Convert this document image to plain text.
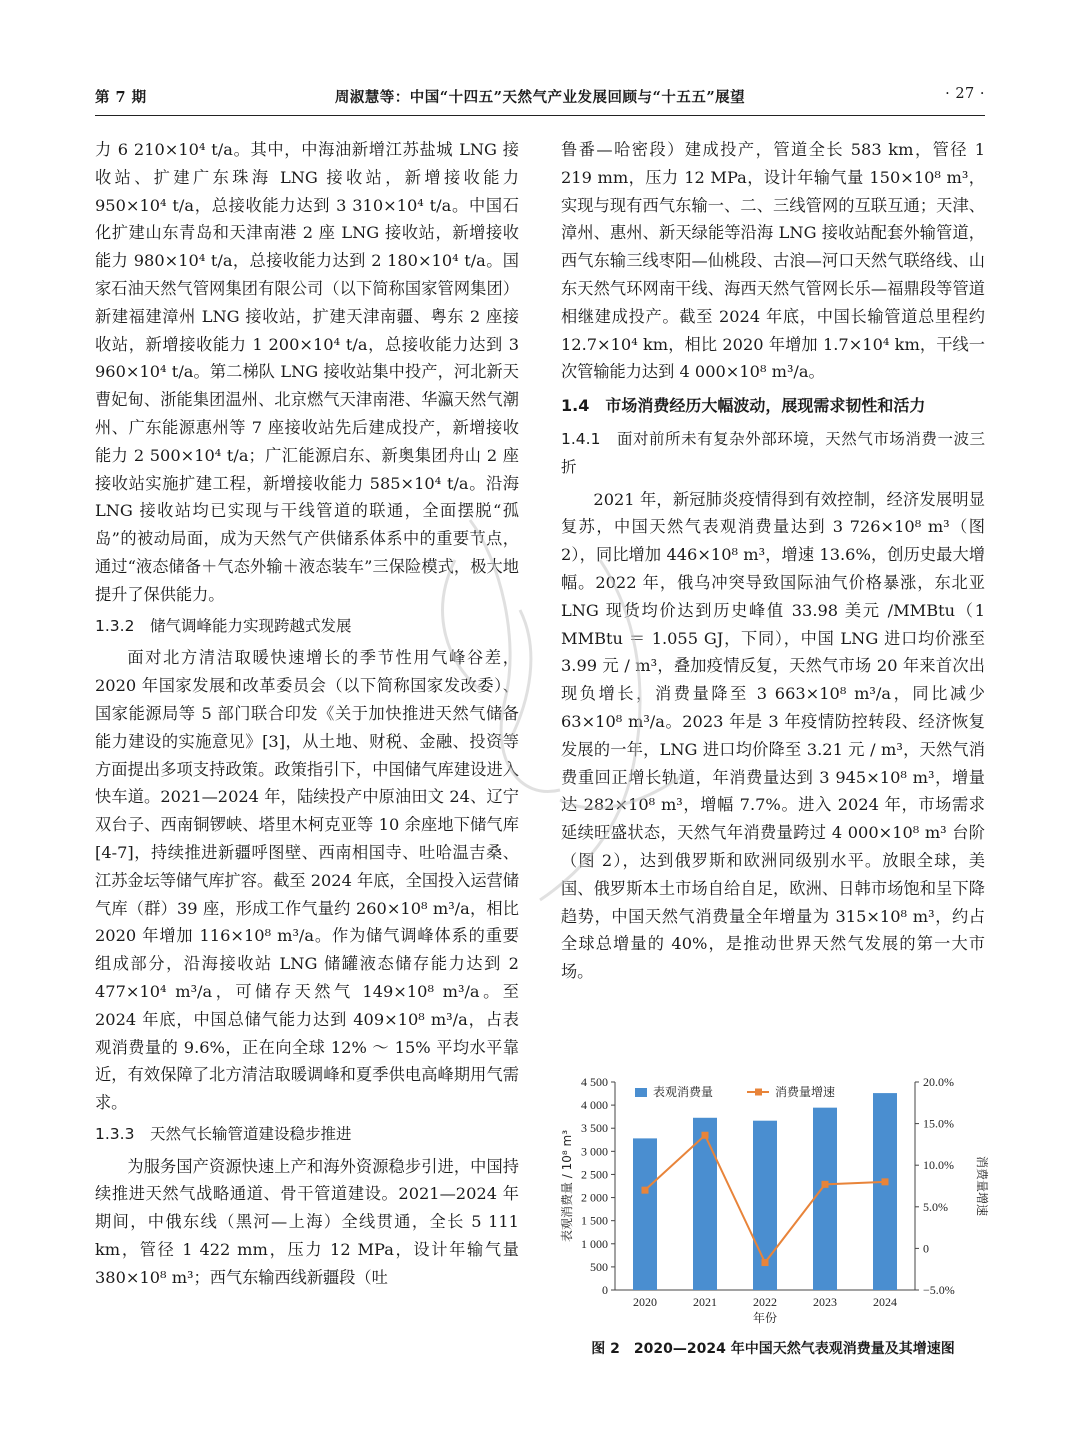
第 7 期	周淑慧等：中国“十四五”天然气产业发展回顾与“十五五”展望	· 27 ·

力 6 210×10⁴ t/a。其中，中海油新增江苏盐城 LNG 接收站、扩建广东珠海 LNG 接收站，新增接收能力 950×10⁴ t/a，总接收能力达到 3 310×10⁴ t/a。中国石化扩建山东青岛和天津南港 2 座 LNG 接收站，新增接收能力 980×10⁴ t/a，总接收能力达到 2 180×10⁴ t/a。国家石油天然气管网集团有限公司（以下简称国家管网集团）新建福建漳州 LNG 接收站，扩建天津南疆、粤东 2 座接收站，新增接收能力 1 200×10⁴ t/a，总接收能力达到 3 960×10⁴ t/a。第二梯队 LNG 接收站集中投产，河北新天曹妃甸、浙能集团温州、北京燃气天津南港、华瀛天然气潮州、广东能源惠州等 7 座接收站先后建成投产，新增接收能力 2 500×10⁴ t/a；广汇能源启东、新奥集团舟山 2 座接收站实施扩建工程，新增接收能力 585×10⁴ t/a。沿海 LNG 接收站均已实现与干线管道的联通，全面摆脱“孤岛”的被动局面，成为天然气产供储系体系中的重要节点，通过“液态储备＋气态外输＋液态装车”三保险模式，极大地提升了保供能力。

1.3.2　储气调峰能力实现跨越式发展

面对北方清洁取暖快速增长的季节性用气峰谷差，2020 年国家发展和改革委员会（以下简称国家发改委）、国家能源局等 5 部门联合印发《关于加快推进天然气储备能力建设的实施意见》[3]，从土地、财税、金融、投资等方面提出多项支持政策。政策指引下，中国储气库建设进入快车道。2021—2024 年，陆续投产中原油田文 24、辽宁双台子、西南铜锣峡、塔里木柯克亚等 10 余座地下储气库 [4-7]，持续推进新疆呼图壁、西南相国寺、吐哈温吉桑、江苏金坛等储气库扩容。截至 2024 年底，全国投入运营储气库（群）39 座，形成工作气量约 260×10⁸ m³/a，相比 2020 年增加 116×10⁸ m³/a。作为储气调峰体系的重要组成部分，沿海接收站 LNG 储罐液态储存能力达到 2 477×10⁴ m³/a，可储存天然气 149×10⁸ m³/a。至 2024 年底，中国总储气能力达到 409×10⁸ m³/a，占表观消费量的 9.6%，正在向全球 12% ～ 15% 平均水平靠近，有效保障了北方清洁取暖调峰和夏季供电高峰期用气需求。

1.3.3　天然气长输管道建设稳步推进

为服务国产资源快速上产和海外资源稳步引进，中国持续推进天然气战略通道、骨干管道建设。2021—2024 年期间，中俄东线（黑河—上海）全线贯通，全长 5 111 km，管径 1 422 mm，压力 12 MPa，设计年输气量 380×10⁸ m³；西气东输西线新疆段（吐

鲁番—哈密段）建成投产，管道全长 583 km，管径 1 219 mm，压力 12 MPa，设计年输气量 150×10⁸ m³，实现与现有西气东输一、二、三线管网的互联互通；天津、漳州、惠州、新天绿能等沿海 LNG 接收站配套外输管道，西气东输三线枣阳—仙桃段、古浪—河口天然气联络线、山东天然气环网南干线、海西天然气管网长乐—福鼎段等管道相继建成投产。截至 2024 年底，中国长输管道总里程约 12.7×10⁴ km，相比 2020 年增加 1.7×10⁴ km，干线一次管输能力达到 4 000×10⁸ m³/a。

1.4　市场消费经历大幅波动，展现需求韧性和活力

1.4.1　面对前所未有复杂外部环境，天然气市场消费一波三折

2021 年，新冠肺炎疫情得到有效控制，经济发展明显复苏，中国天然气表观消费量达到 3 726×10⁸ m³（图 2），同比增加 446×10⁸ m³，增速 13.6%，创历史最大增幅。2022 年，俄乌冲突导致国际油气价格暴涨，东北亚 LNG 现货均价达到历史峰值 33.98 美元 /MMBtu（1 MMBtu ＝ 1.055 GJ，下同），中国 LNG 进口均价涨至 3.99 元 / m³，叠加疫情反复，天然气市场 20 年来首次出现负增长，消费量降至 3 663×10⁸ m³/a，同比减少 63×10⁸ m³/a。2023 年是 3 年疫情防控转段、经济恢复发展的一年，LNG 进口均价降至 3.21 元 / m³，天然气消费重回正增长轨道，年消费量达到 3 945×10⁸ m³，增量达 282×10⁸ m³，增幅 7.7%。进入 2024 年，市场需求延续旺盛状态，天然气年消费量跨过 4 000×10⁸ m³ 台阶（图 2），达到俄罗斯和欧洲同级别水平。放眼全球，美国、俄罗斯本土市场自给自足，欧洲、日韩市场饱和呈下降趋势，中国天然气消费量全年增量为 315×10⁸ m³，约占全球总增量的 40%，是推动世界天然气发展的第一大市场。

0
500
1 000
1 500
2 000
2 500
3 000
3 500
4 000
4 500
−5.0%
0
5.0%
10.0%
15.0%
20.0%
2020	2021	2022	2023	2024
年份
表观消费量 / 10⁸ m³	消费量增速
表观消费量	消费量增速
图 2 2020—2024 年中国天然气表观消费量及其增速图
